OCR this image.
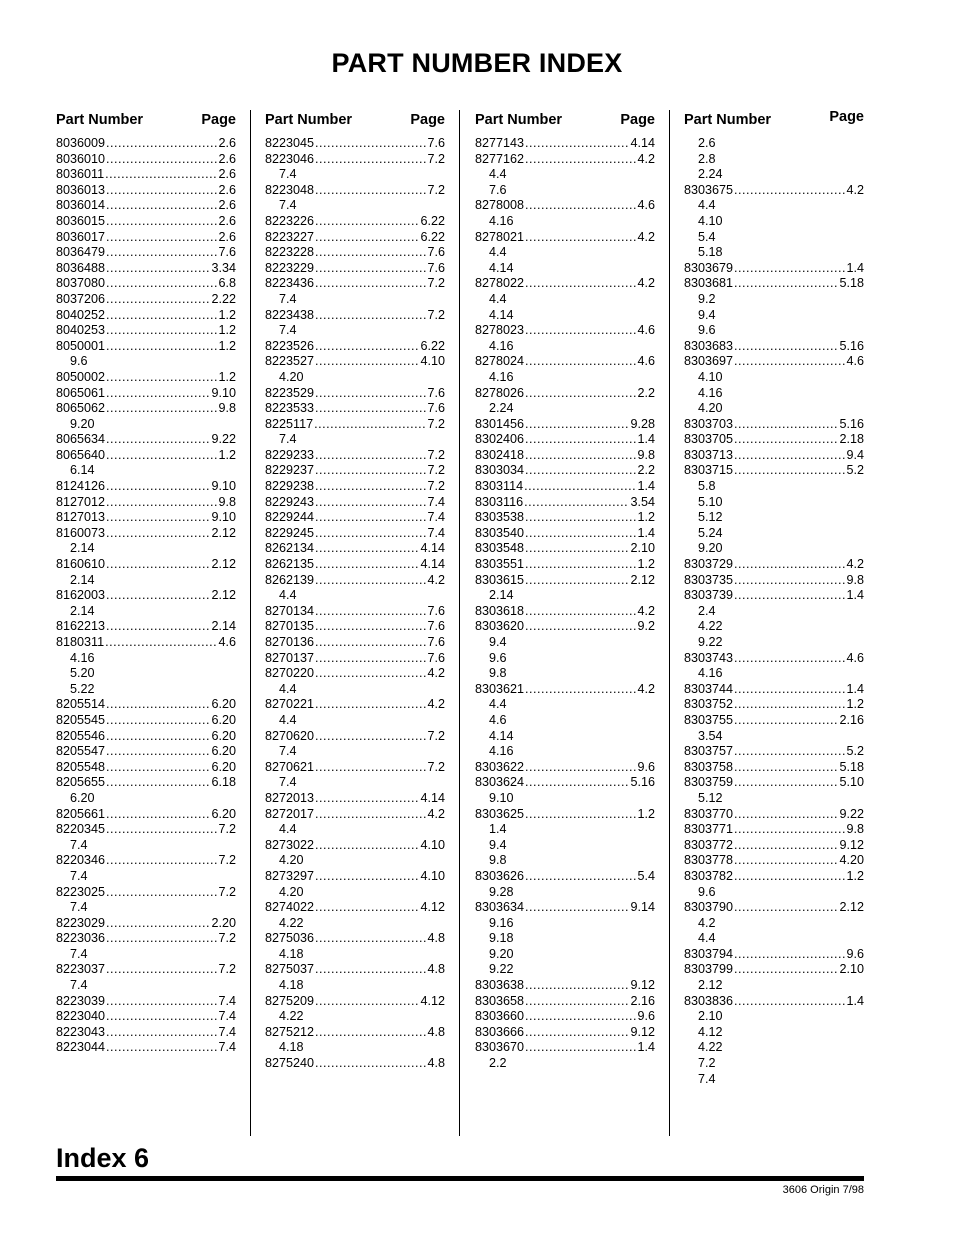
PART NUMBER INDEX
Part Number	Page
8036009 .....	2.6
8036010 .....	2.6
8036011 .....	2.6
8036013 .....	2.6
8036014 .....	2.6
8036015 .....	2.6
8036017 .....	2.6
8036479 .....	7.6
8036488 .....	3.34
8037080 .....	6.8
8037206 .....	2.22
8040252 .....	1.2
8040253 .....	1.2
8050001 .....	1.2
9.6
8050002 .....	1.2
8065061 .....	9.10
8065062 .....	9.8
9.20
8065634 .....	9.22
8065640 .....	1.2
6.14
8124126 .....	9.10
8127012 .....	9.8
8127013 .....	9.10
8160073 .....	2.12
2.14
8160610 .....	2.12
2.14
8162003 .....	2.12
2.14
8162213 .....	2.14
8180311 .....	4.6
4.16
5.20
5.22
8205514 .....	6.20
8205545 .....	6.20
8205546 .....	6.20
8205547 .....	6.20
8205548 .....	6.20
8205655 .....	6.18
6.20
8205661 .....	6.20
8220345 .....	7.2
7.4
8220346 .....	7.2
7.4
8223025 .....	7.2
7.4
8223029 .....	2.20
8223036 .....	7.2
7.4
8223037 .....	7.2
7.4
8223039 .....	7.4
8223040 .....	7.4
8223043 .....	7.4
8223044 .....	7.4
Part Number	Page
8223045 .....	7.6
8223046 .....	7.2
7.4
8223048 .....	7.2
7.4
8223226 .....	6.22
8223227 .....	6.22
8223228 .....	7.6
8223229 .....	7.6
8223436 .....	7.2
7.4
8223438 .....	7.2
7.4
8223526 .....	6.22
8223527 .....	4.10
4.20
8223529 .....	7.6
8223533 .....	7.6
8225117 .....	7.2
7.4
8229233 .....	7.2
8229237 .....	7.2
8229238 .....	7.2
8229243 .....	7.4
8229244 .....	7.4
8229245 .....	7.4
8262134 .....	4.14
8262135 .....	4.14
8262139 .....	4.2
4.4
8270134 .....	7.6
8270135 .....	7.6
8270136 .....	7.6
8270137 .....	7.6
8270220 .....	4.2
4.4
8270221 .....	4.2
4.4
8270620 .....	7.2
7.4
8270621 .....	7.2
7.4
8272013 .....	4.14
8272017 .....	4.2
4.4
8273022 .....	4.10
4.20
8273297 .....	4.10
4.20
8274022 .....	4.12
4.22
8275036 .....	4.8
4.18
8275037 .....	4.8
4.18
8275209 .....	4.12
4.22
8275212 .....	4.8
4.18
8275240 .....	4.8
Part Number	Page
8277143 .....	4.14
8277162 .....	4.2
4.4
7.6
8278008 .....	4.6
4.16
8278021 .....	4.2
4.4
4.14
8278022 .....	4.2
4.4
4.14
8278023 .....	4.6
4.16
8278024 .....	4.6
4.16
8278026 .....	2.2
2.24
8301456 .....	9.28
8302406 .....	1.4
8302418 .....	9.8
8303034 .....	2.2
8303114 .....	1.4
8303116 .....	3.54
8303538 .....	1.2
8303540 .....	1.4
8303548 .....	2.10
8303551 .....	1.2
8303615 .....	2.12
2.14
8303618 .....	4.2
8303620 .....	9.2
9.4
9.6
9.8
8303621 .....	4.2
4.4
4.6
4.14
4.16
8303622 .....	9.6
8303624 .....	5.16
9.10
8303625 .....	1.2
1.4
9.4
9.8
8303626 .....	5.4
9.28
8303634 .....	9.14
9.16
9.18
9.20
9.22
8303638 .....	9.12
8303658 .....	2.16
8303660 .....	9.6
8303666 .....	9.12
8303670 .....	1.4
2.2
Part Number	Page
2.6
2.8
2.24
8303675 .....	4.2
4.4
4.10
5.4
5.18
8303679 .....	1.4
8303681 .....	5.18
9.2
9.4
9.6
8303683 .....	5.16
8303697 .....	4.6
4.10
4.16
4.20
8303703 .....	5.16
8303705 .....	2.18
8303713 .....	9.4
8303715 .....	5.2
5.8
5.10
5.12
5.24
9.20
8303729 .....	4.2
8303735 .....	9.8
8303739 .....	1.4
2.4
4.22
9.22
8303743 .....	4.6
4.16
8303744 .....	1.4
8303752 .....	1.2
8303755 .....	2.16
3.54
8303757 .....	5.2
8303758 .....	5.18
8303759 .....	5.10
5.12
8303770 .....	9.22
8303771 .....	9.8
8303772 .....	9.12
8303778 .....	4.20
8303782 .....	1.2
9.6
8303790 .....	2.12
4.2
4.4
8303794 .....	9.6
8303799 .....	2.10
2.12
8303836 .....	1.4
2.10
4.12
4.22
7.2
7.4
Index 6
3606 Origin 7/98
